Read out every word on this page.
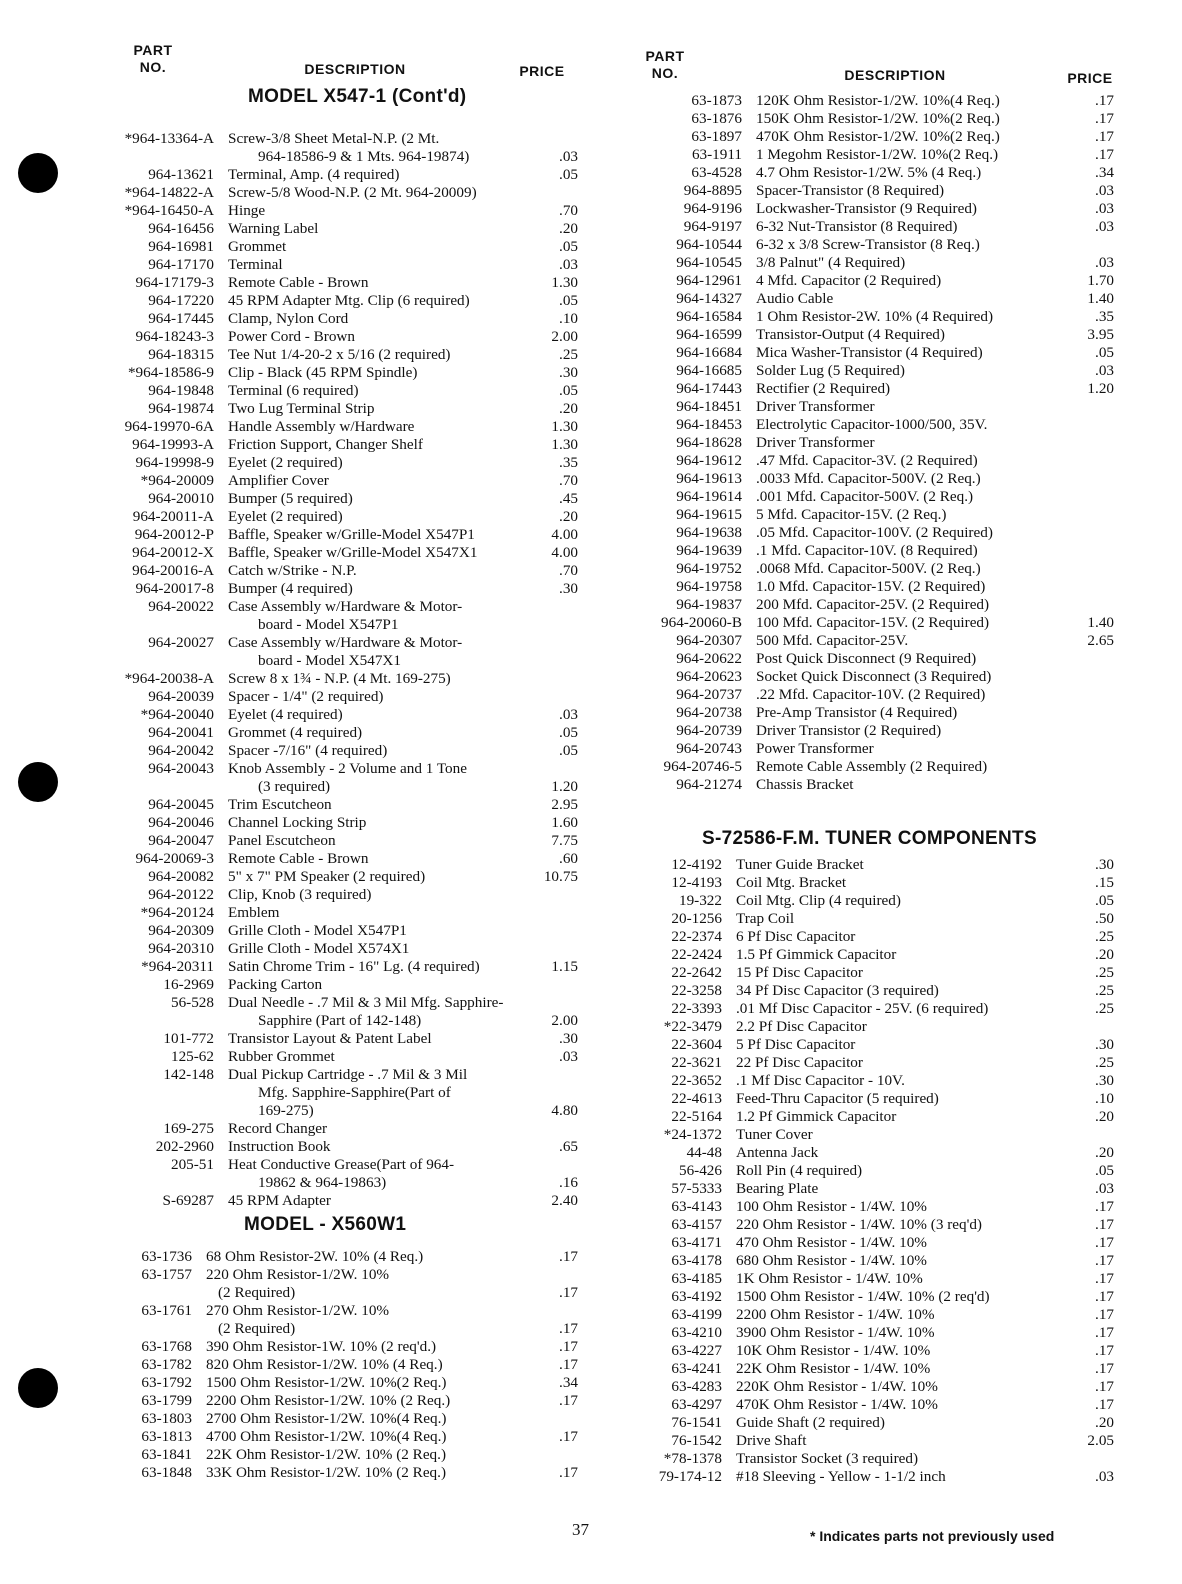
PART
NO.	DESCRIPTION	PRICE
PART
NO.	DESCRIPTION	PRICE
MODEL X547-1 (Cont'd)
*964-13364-A Screw-3/8 Sheet Metal-N.P. (2 Mt.
964-18586-9 & 1 Mts. 964-19874)	.03
964-13621 Terminal, Amp. (4 required)	.05
*964-14822-A Screw-5/8 Wood-N.P. (2 Mt. 964-20009)
*964-16450-A Hinge	.70
964-16456 Warning Label	.20
964-16981 Grommet	.05
964-17170 Terminal	.03
964-17179-3 Remote Cable - Brown	1.30
964-17220 45 RPM Adapter Mtg. Clip (6 required)	.05
964-17445 Clamp, Nylon Cord	.10
964-18243-3 Power Cord - Brown	2.00
964-18315 Tee Nut 1/4-20-2 x 5/16 (2 required)	.25
*964-18586-9 Clip - Black (45 RPM Spindle)	.30
964-19848 Terminal (6 required)	.05
964-19874 Two Lug Terminal Strip	.20
964-19970-6A Handle Assembly w/Hardware	1.30
964-19993-A Friction Support, Changer Shelf	1.30
964-19998-9 Eyelet (2 required)	.35
*964-20009 Amplifier Cover	.70
964-20010 Bumper (5 required)	.45
964-20011-A Eyelet (2 required)	.20
964-20012-P Baffle, Speaker w/Grille-Model X547P1	4.00
964-20012-X Baffle, Speaker w/Grille-Model X547X1	4.00
964-20016-A Catch w/Strike - N.P.	.70
964-20017-8 Bumper (4 required)	.30
964-20022 Case Assembly w/Hardware & Motor-
board - Model X547P1
964-20027 Case Assembly w/Hardware & Motor-
board - Model X547X1
*964-20038-A Screw 8 x 1¾ - N.P. (4 Mt. 169-275)
964-20039 Spacer - 1/4" (2 required)
*964-20040 Eyelet (4 required)	.03
964-20041 Grommet (4 required)	.05
964-20042 Spacer -7/16" (4 required)	.05
964-20043 Knob Assembly - 2 Volume and 1 Tone
(3 required)	1.20
964-20045 Trim Escutcheon	2.95
964-20046 Channel Locking Strip	1.60
964-20047 Panel Escutcheon	7.75
964-20069-3 Remote Cable - Brown	.60
964-20082 5" x 7" PM Speaker (2 required)	10.75
964-20122 Clip, Knob (3 required)
*964-20124 Emblem
964-20309 Grille Cloth - Model X547P1
964-20310 Grille Cloth - Model X574X1
*964-20311 Satin Chrome Trim - 16" Lg. (4 required)	1.15
16-2969 Packing Carton
56-528 Dual Needle - .7 Mil & 3 Mil Mfg. Sapphire-
Sapphire (Part of 142-148)	2.00
101-772 Transistor Layout & Patent Label	.30
125-62 Rubber Grommet	.03
142-148 Dual Pickup Cartridge - .7 Mil & 3 Mil
Mfg. Sapphire-Sapphire(Part of
169-275)	4.80
169-275 Record Changer
202-2960 Instruction Book	.65
205-51 Heat Conductive Grease(Part of 964-
19862 & 964-19863)	.16
S-69287 45 RPM Adapter	2.40
MODEL - X560W1
63-1736 68 Ohm Resistor-2W. 10% (4 Req.)	.17
63-1757 220 Ohm Resistor-1/2W. 10%
(2 Required)	.17
63-1761 270 Ohm Resistor-1/2W. 10%
(2 Required)	.17
63-1768 390 Ohm Resistor-1W. 10% (2 req'd.)	.17
63-1782 820 Ohm Resistor-1/2W. 10% (4 Req.)	.17
63-1792 1500 Ohm Resistor-1/2W. 10%(2 Req.)	.34
63-1799 2200 Ohm Resistor-1/2W. 10% (2 Req.)	.17
63-1803 2700 Ohm Resistor-1/2W. 10%(4 Req.)
63-1813 4700 Ohm Resistor-1/2W. 10%(4 Req.)	.17
63-1841 22K Ohm Resistor-1/2W. 10% (2 Req.)
63-1848 33K Ohm Resistor-1/2W. 10% (2 Req.)	.17
63-1873 120K Ohm Resistor-1/2W. 10%(4 Req.)	.17
63-1876 150K Ohm Resistor-1/2W. 10%(2 Req.)	.17
63-1897 470K Ohm Resistor-1/2W. 10%(2 Req.)	.17
63-1911 1 Megohm Resistor-1/2W. 10%(2 Req.)	.17
63-4528 4.7 Ohm Resistor-1/2W. 5% (4 Req.)	.34
964-8895 Spacer-Transistor (8 Required)	.03
964-9196 Lockwasher-Transistor (9 Required)	.03
964-9197 6-32 Nut-Transistor (8 Required)	.03
964-10544 6-32 x 3/8 Screw-Transistor (8 Req.)
964-10545 3/8 Palnut" (4 Required)	.03
964-12961 4 Mfd. Capacitor (2 Required)	1.70
964-14327 Audio Cable	1.40
964-16584 1 Ohm Resistor-2W. 10% (4 Required)	.35
964-16599 Transistor-Output (4 Required)	3.95
964-16684 Mica Washer-Transistor (4 Required)	.05
964-16685 Solder Lug (5 Required)	.03
964-17443 Rectifier (2 Required)	1.20
964-18451 Driver Transformer
964-18453 Electrolytic Capacitor-1000/500, 35V.
964-18628 Driver Transformer
964-19612 .47 Mfd. Capacitor-3V. (2 Required)
964-19613 .0033 Mfd. Capacitor-500V. (2 Req.)
964-19614 .001 Mfd. Capacitor-500V. (2 Req.)
964-19615 5 Mfd. Capacitor-15V. (2 Req.)
964-19638 .05 Mfd. Capacitor-100V. (2 Required)
964-19639 .1 Mfd. Capacitor-10V. (8 Required)
964-19752 .0068 Mfd. Capacitor-500V. (2 Req.)
964-19758 1.0 Mfd. Capacitor-15V. (2 Required)
964-19837 200 Mfd. Capacitor-25V. (2 Required)
964-20060-B 100 Mfd. Capacitor-15V. (2 Required)	1.40
964-20307 500 Mfd. Capacitor-25V.	2.65
964-20622 Post Quick Disconnect (9 Required)
964-20623 Socket Quick Disconnect (3 Required)
964-20737 .22 Mfd. Capacitor-10V. (2 Required)
964-20738 Pre-Amp Transistor (4 Required)
964-20739 Driver Transistor (2 Required)
964-20743 Power Transformer
964-20746-5 Remote Cable Assembly (2 Required)
964-21274 Chassis Bracket
S-72586-F.M. TUNER COMPONENTS
12-4192 Tuner Guide Bracket	.30
12-4193 Coil Mtg. Bracket	.15
19-322 Coil Mtg. Clip (4 required)	.05
20-1256 Trap Coil	.50
22-2374 6 Pf Disc Capacitor	.25
22-2424 1.5 Pf Gimmick Capacitor	.20
22-2642 15 Pf Disc Capacitor	.25
22-3258 34 Pf Disc Capacitor (3 required)	.25
22-3393 .01 Mf Disc Capacitor - 25V. (6 required)	.25
*22-3479 2.2 Pf Disc Capacitor
22-3604 5 Pf Disc Capacitor	.30
22-3621 22 Pf Disc Capacitor	.25
22-3652 .1 Mf Disc Capacitor - 10V.	.30
22-4613 Feed-Thru Capacitor (5 required)	.10
22-5164 1.2 Pf Gimmick Capacitor	.20
*24-1372 Tuner Cover
44-48 Antenna Jack	.20
56-426 Roll Pin (4 required)	.05
57-5333 Bearing Plate	.03
63-4143 100 Ohm Resistor - 1/4W. 10%	.17
63-4157 220 Ohm Resistor - 1/4W. 10% (3 req'd)	.17
63-4171 470 Ohm Resistor - 1/4W. 10%	.17
63-4178 680 Ohm Resistor - 1/4W. 10%	.17
63-4185 1K Ohm Resistor - 1/4W. 10%	.17
63-4192 1500 Ohm Resistor - 1/4W. 10% (2 req'd)	.17
63-4199 2200 Ohm Resistor - 1/4W. 10%	.17
63-4210 3900 Ohm Resistor - 1/4W. 10%	.17
63-4227 10K Ohm Resistor - 1/4W. 10%	.17
63-4241 22K Ohm Resistor - 1/4W. 10%	.17
63-4283 220K Ohm Resistor - 1/4W. 10%	.17
63-4297 470K Ohm Resistor - 1/4W. 10%	.17
76-1541 Guide Shaft (2 required)	.20
76-1542 Drive Shaft	2.05
*78-1378 Transistor Socket (3 required)
79-174-12 #18 Sleeving - Yellow - 1-1/2 inch	.03
37	* Indicates parts not previously used
